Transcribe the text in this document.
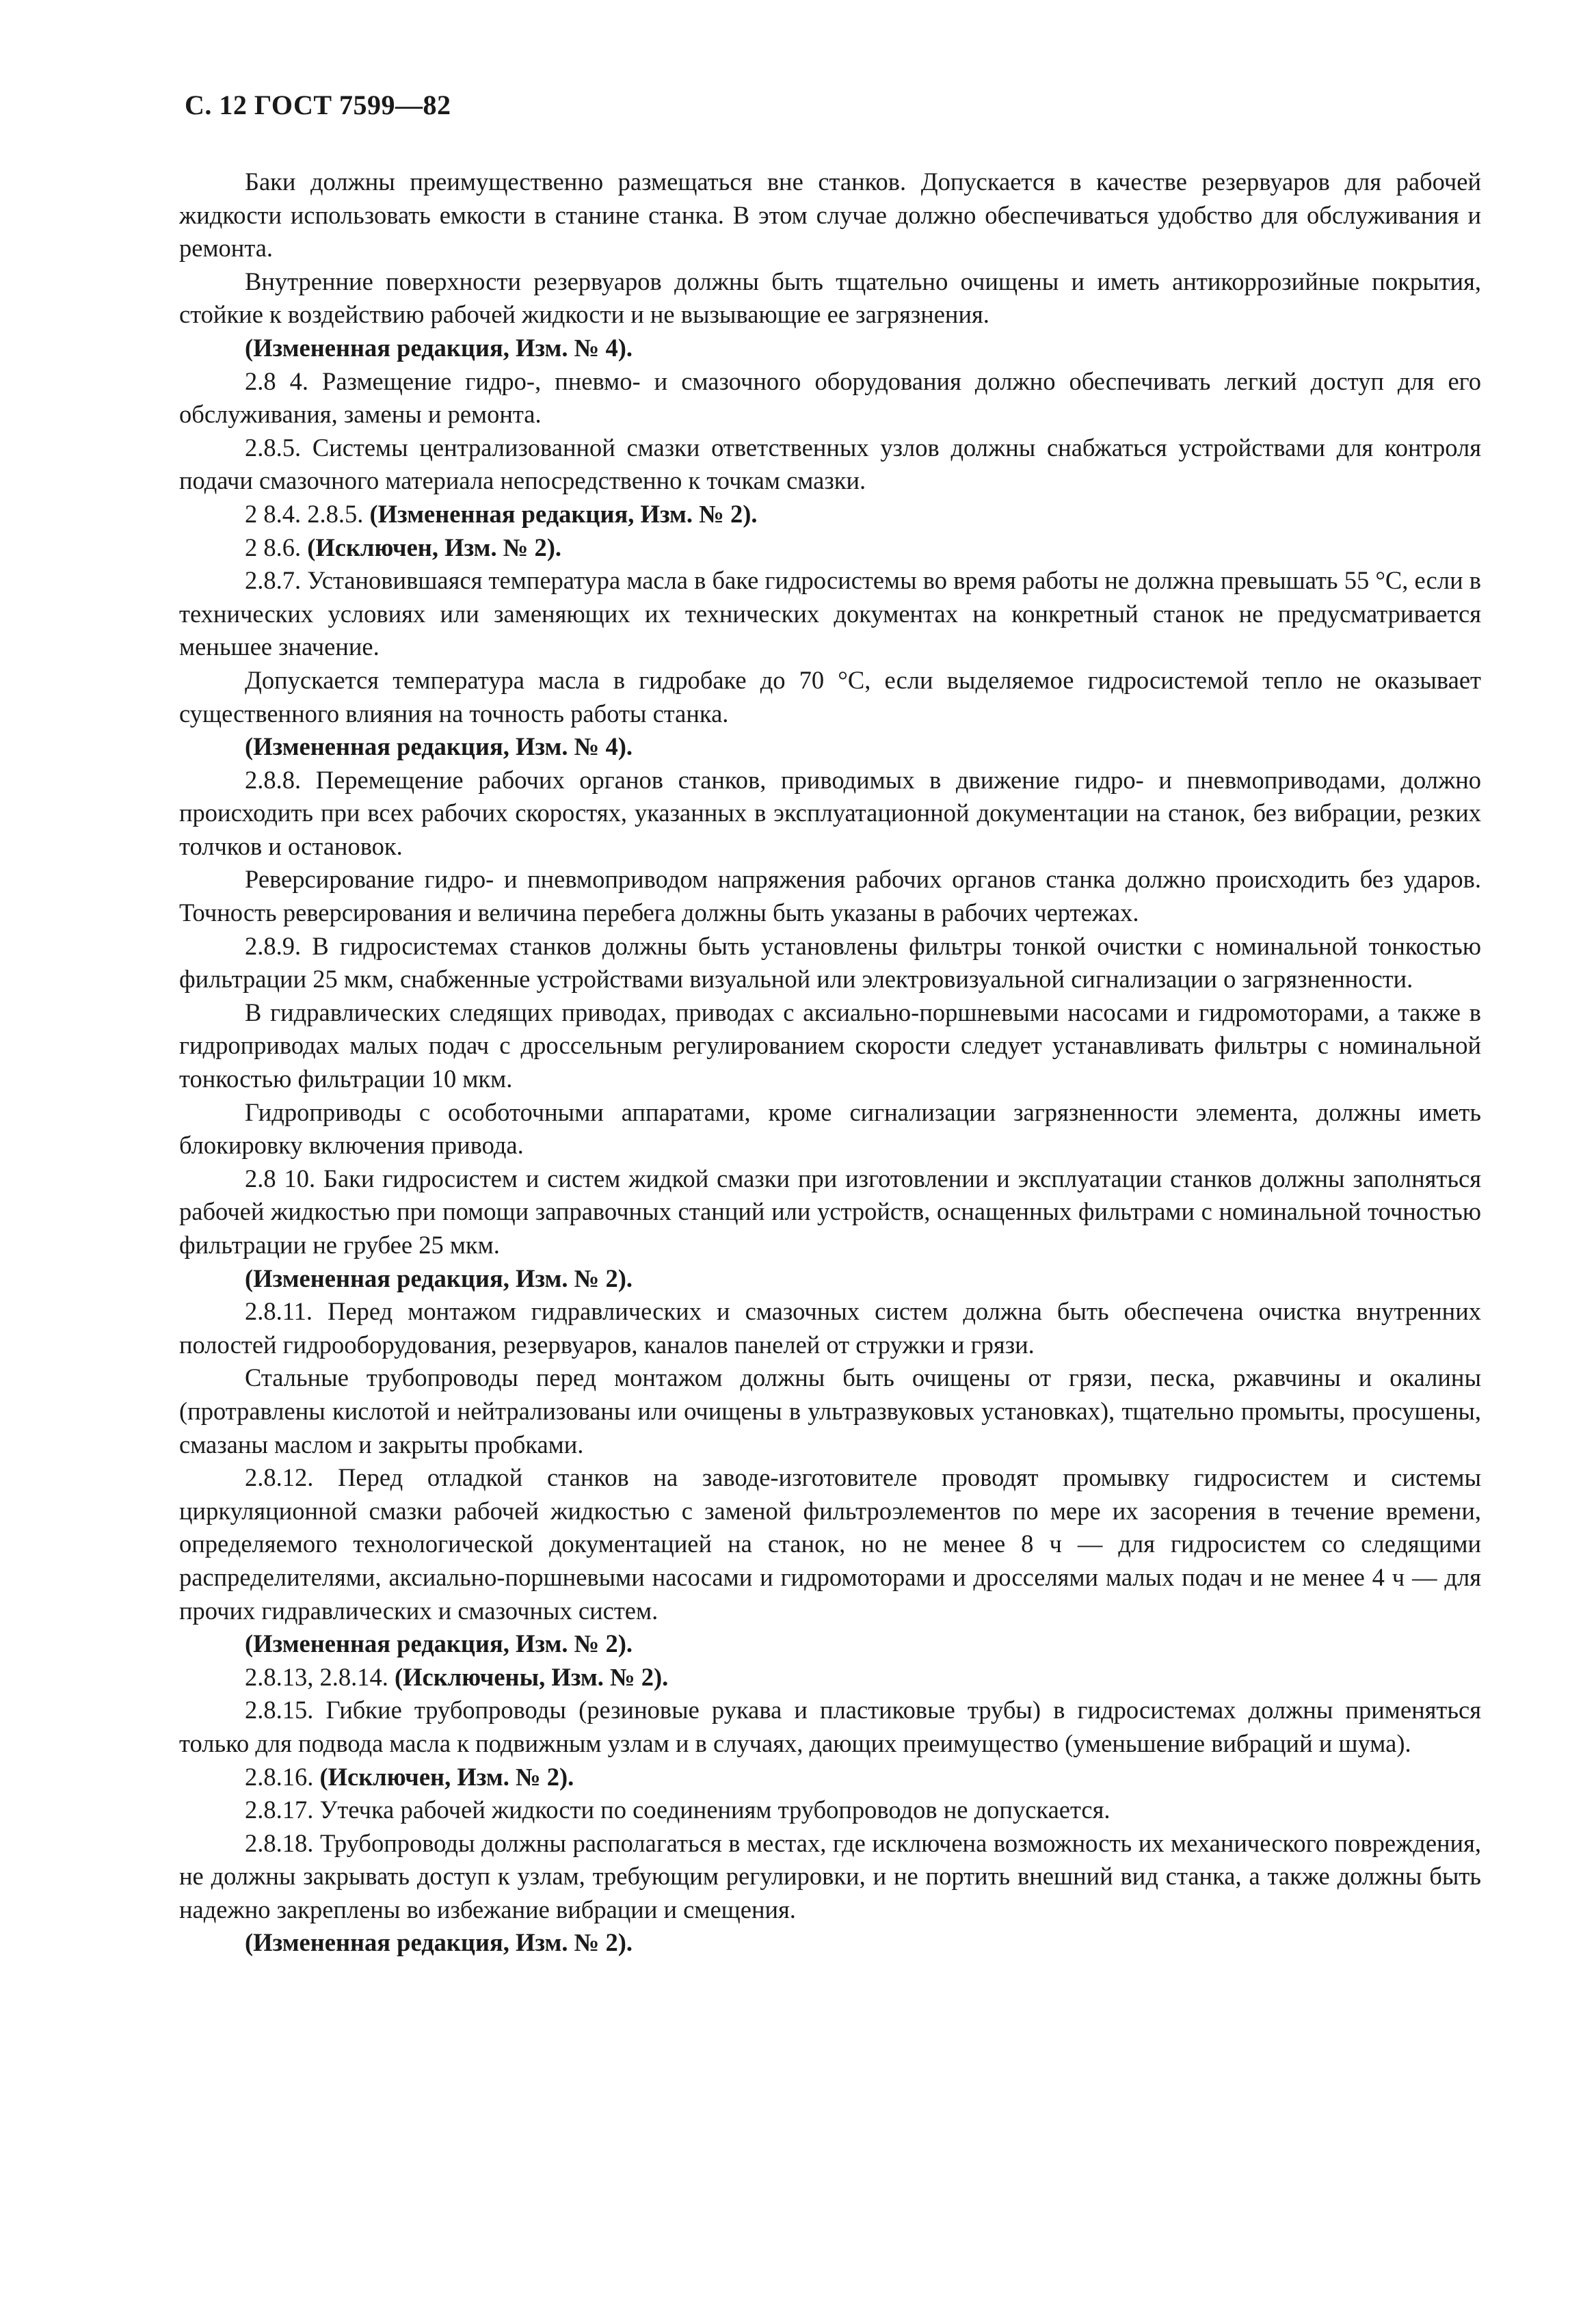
С. 12 ГОСТ 7599—82

Баки должны преимущественно размещаться вне станков. Допускается в качестве резервуаров для рабочей жидкости использовать емкости в станине станка. В этом случае должно обеспечиваться удобство для обслуживания и ремонта.

Внутренние поверхности резервуаров должны быть тщательно очищены и иметь антикоррозийные покрытия, стойкие к воздействию рабочей жидкости и не вызывающие ее загрязнения.

(Измененная редакция, Изм. № 4).

2.8 4. Размещение гидро-, пневмо- и смазочного оборудования должно обеспечивать легкий доступ для его обслуживания, замены и ремонта.

2.8.5. Системы централизованной смазки ответственных узлов должны снабжаться устройствами для контроля подачи смазочного материала непосредственно к точкам смазки.

2 8.4. 2.8.5. (Измененная редакция, Изм. № 2).

2 8.6. (Исключен, Изм. № 2).

2.8.7. Установившаяся температура масла в баке гидросистемы во время работы не должна превышать 55 °С, если в технических условиях или заменяющих их технических документах на конкретный станок не предусматривается меньшее значение.

Допускается температура масла в гидробаке до 70 °С, если выделяемое гидросистемой тепло не оказывает существенного влияния на точность работы станка.

(Измененная редакция, Изм. № 4).

2.8.8. Перемещение рабочих органов станков, приводимых в движение гидро- и пневмоприводами, должно происходить при всех рабочих скоростях, указанных в эксплуатационной документации на станок, без вибрации, резких толчков и остановок.

Реверсирование гидро- и пневмоприводом напряжения рабочих органов станка должно происходить без ударов. Точность реверсирования и величина перебега должны быть указаны в рабочих чертежах.

2.8.9. В гидросистемах станков должны быть установлены фильтры тонкой очистки с номинальной тонкостью фильтрации 25 мкм, снабженные устройствами визуальной или электровизуальной сигнализации о загрязненности.

В гидравлических следящих приводах, приводах с аксиально-поршневыми насосами и гидромоторами, а также в гидроприводах малых подач с дроссельным регулированием скорости следует устанавливать фильтры с номинальной тонкостью фильтрации 10 мкм.

Гидроприводы с особоточными аппаратами, кроме сигнализации загрязненности элемента, должны иметь блокировку включения привода.

2.8 10. Баки гидросистем и систем жидкой смазки при изготовлении и эксплуатации станков должны заполняться рабочей жидкостью при помощи заправочных станций или устройств, оснащенных фильтрами с номинальной точностью фильтрации не грубее 25 мкм.

(Измененная редакция, Изм. № 2).

2.8.11. Перед монтажом гидравлических и смазочных систем должна быть обеспечена очистка внутренних полостей гидрооборудования, резервуаров, каналов панелей от стружки и грязи.

Стальные трубопроводы перед монтажом должны быть очищены от грязи, песка, ржавчины и окалины (протравлены кислотой и нейтрализованы или очищены в ультразвуковых установках), тщательно промыты, просушены, смазаны маслом и закрыты пробками.

2.8.12. Перед отладкой станков на заводе-изготовителе проводят промывку гидросистем и системы циркуляционной смазки рабочей жидкостью с заменой фильтроэлементов по мере их засорения в течение времени, определяемого технологической документацией на станок, но не менее 8 ч — для гидросистем со следящими распределителями, аксиально-поршневыми насосами и гидромоторами и дросселями малых подач и не менее 4 ч — для прочих гидравлических и смазочных систем.

(Измененная редакция, Изм. № 2).

2.8.13, 2.8.14. (Исключены, Изм. № 2).

2.8.15. Гибкие трубопроводы (резиновые рукава и пластиковые трубы) в гидросистемах должны применяться только для подвода масла к подвижным узлам и в случаях, дающих преимущество (уменьшение вибраций и шума).

2.8.16. (Исключен, Изм. № 2).

2.8.17. Утечка рабочей жидкости по соединениям трубопроводов не допускается.

2.8.18. Трубопроводы должны располагаться в местах, где исключена возможность их механического повреждения, не должны закрывать доступ к узлам, требующим регулировки, и не портить внешний вид станка, а также должны быть надежно закреплены во избежание вибрации и смещения.

(Измененная редакция, Изм. № 2).
